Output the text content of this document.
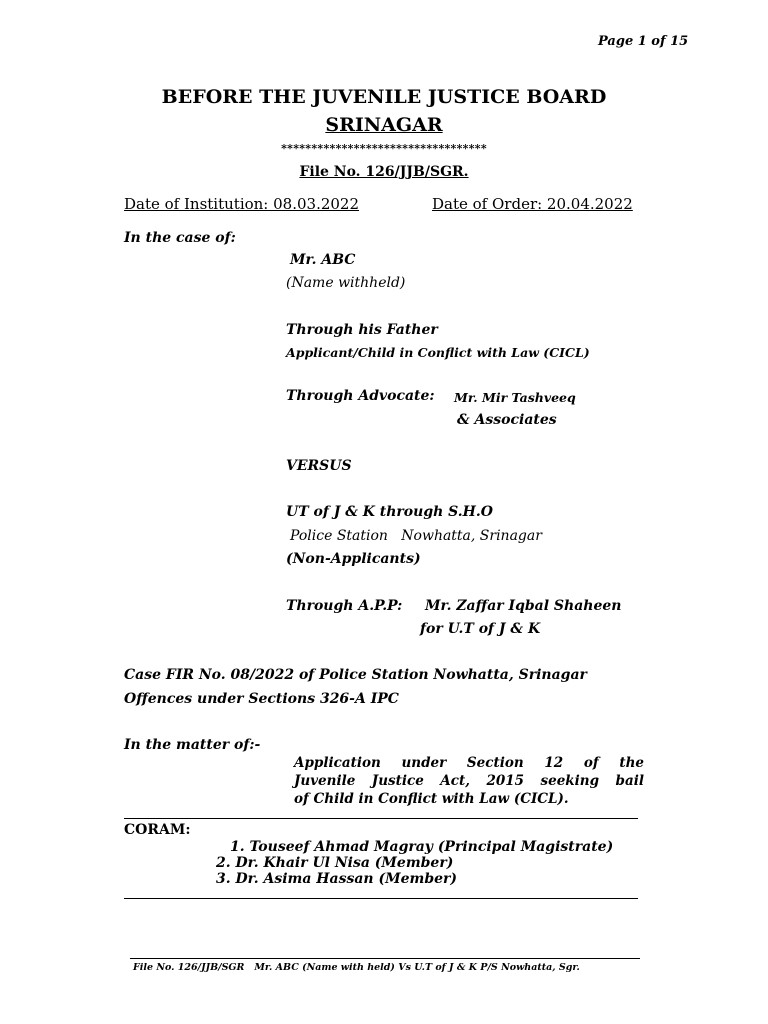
Page 1 of 15
BEFORE THE JUVENILE JUSTICE BOARD
SRINAGAR
**********************************
File No. 126/JJB/SGR.
Date of Institution: 08.03.2022	Date of Order: 20.04.2022
In the case of:
Mr. ABC
(Name withheld)
Through his Father
Applicant/Child in Conflict with Law (CICL)
Through Advocate: Mr. Mir Tashveeq
& Associates
VERSUS
UT of J & K through S.H.O
Police Station   Nowhatta, Srinagar
(Non-Applicants)
Through A.P.P: Mr. Zaffar Iqbal Shaheen
for U.T of J & K
Case FIR No. 08/2022 of Police Station Nowhatta, Srinagar
Offences under Sections 326-A IPC
In the matter of:-
Application under Section 12 of the
Juvenile Justice Act, 2015 seeking bail
of Child in Conflict with Law (CICL).
CORAM:
1. Touseef Ahmad Magray (Principal Magistrate)
2. Dr. Khair Ul Nisa (Member)
3. Dr. Asima Hassan (Member)
File No. 126/JJB/SGR   Mr. ABC (Name with held) Vs U.T of J & K P/S Nowhatta, Sgr.
